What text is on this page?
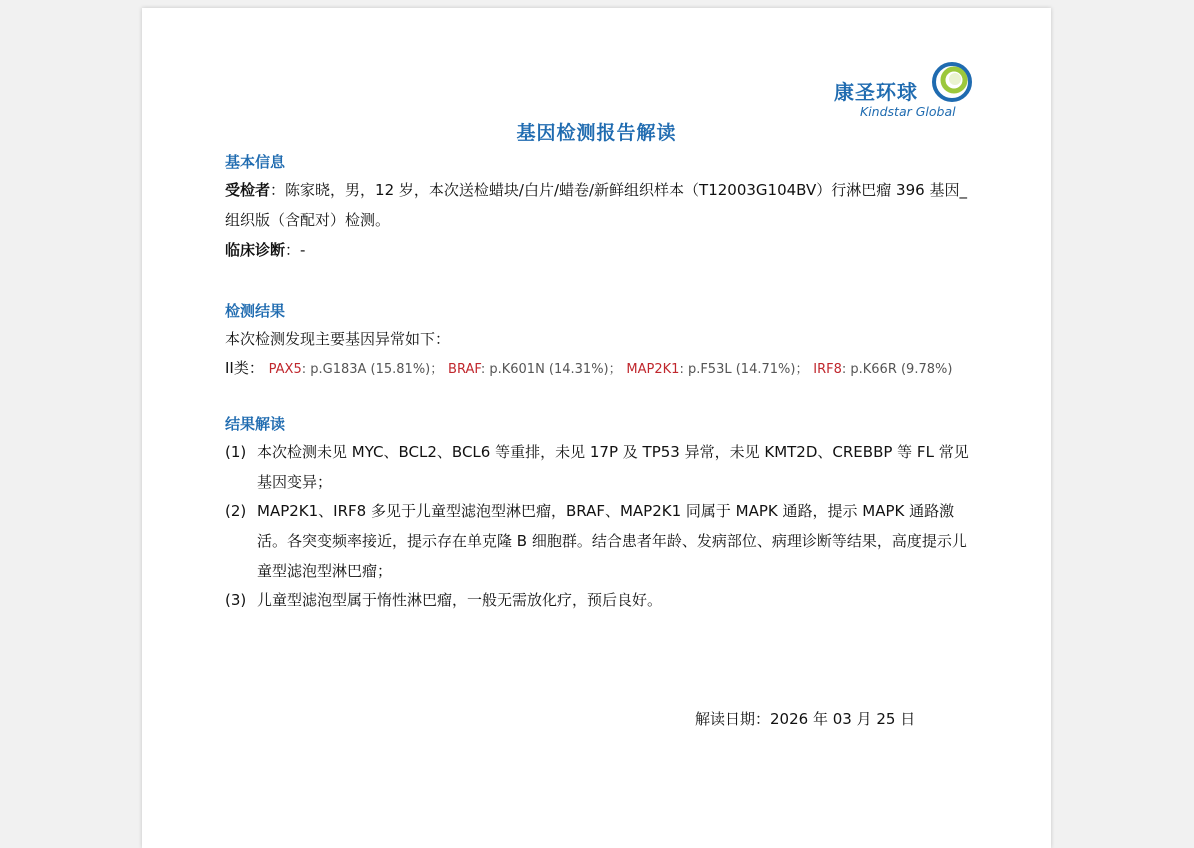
康圣环球
Kindstar Global
基因检测报告解读
基本信息
受检者：陈家晓，男，12 岁，本次送检蜡块/白片/蜡卷/新鲜组织样本（T12003G104BV）行淋巴瘤 396 基因_组织版（含配对）检测。
临床诊断：-
检测结果
本次检测发现主要基因异常如下：
II类： PAX5: p.G183A (15.81%)； BRAF: p.K601N (14.31%)； MAP2K1: p.F53L (14.71%)； IRF8: p.K66R (9.78%)
结果解读
(1) 本次检测未见 MYC、BCL2、BCL6 等重排，未见 17P 及 TP53 异常，未见 KMT2D、CREBBP 等 FL 常见基因变异；
(2) MAP2K1、IRF8 多见于儿童型滤泡型淋巴瘤，BRAF、MAP2K1 同属于 MAPK 通路，提示 MAPK 通路激活。各突变频率接近，提示存在单克隆 B 细胞群。结合患者年龄、发病部位、病理诊断等结果，高度提示儿童型滤泡型淋巴瘤；
(3) 儿童型滤泡型属于惰性淋巴瘤，一般无需放化疗，预后良好。
解读日期：2026 年 03 月 25 日
